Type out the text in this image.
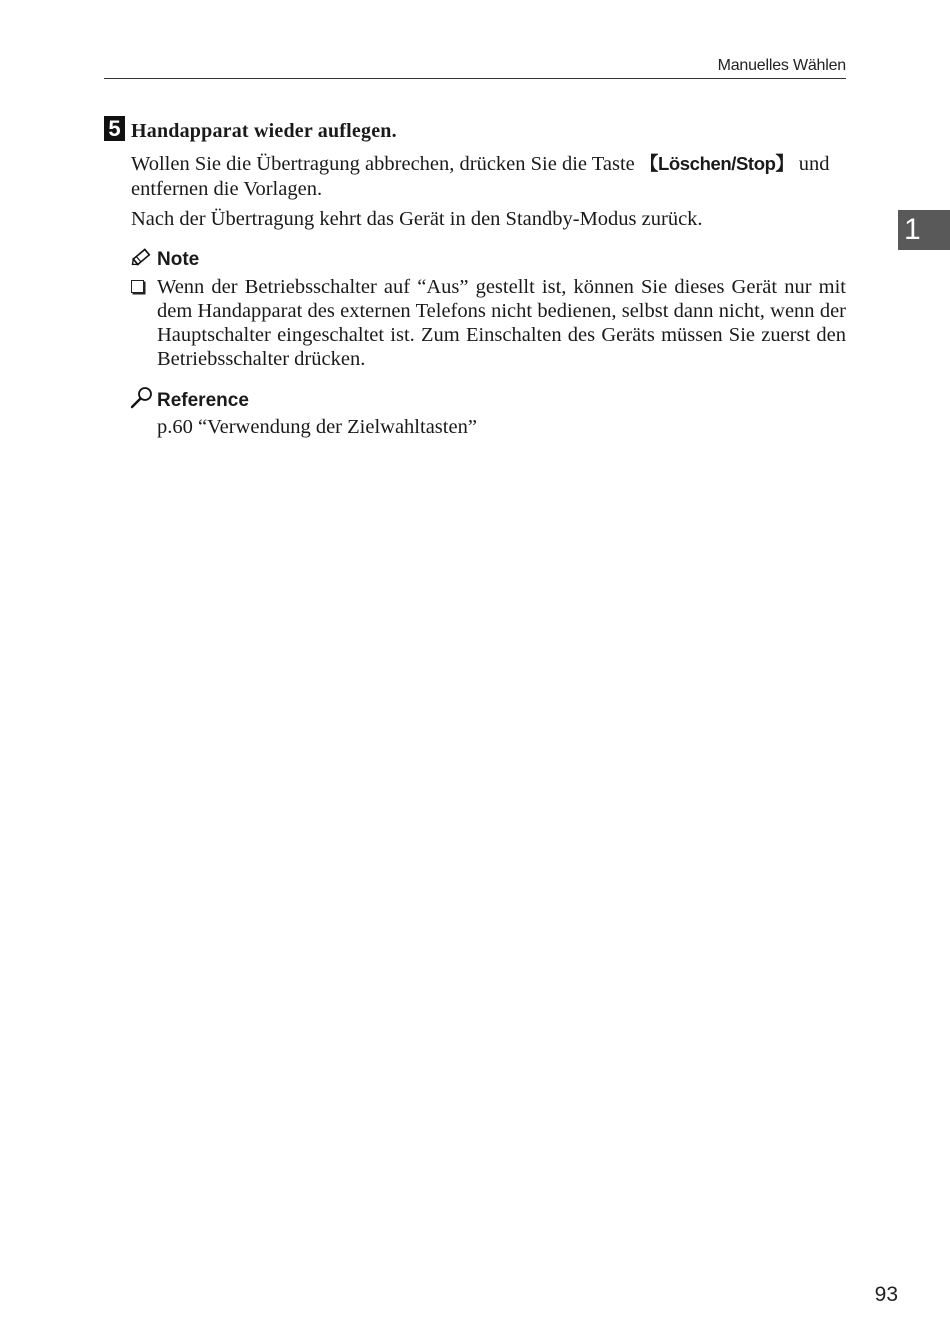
Manuelles Wählen
1
5 Handapparat wieder auflegen.
Wollen Sie die Übertragung abbrechen, drücken Sie die Taste 【Löschen/Stop】 und entfernen die Vorlagen.
Nach der Übertragung kehrt das Gerät in den Standby-Modus zurück.
Note
Wenn der Betriebsschalter auf “Aus” gestellt ist, können Sie dieses Gerät nur mit dem Handapparat des externen Telefons nicht bedienen, selbst dann nicht, wenn der Hauptschalter eingeschaltet ist. Zum Einschalten des Geräts müssen Sie zuerst den Betriebsschalter drücken.
Reference
p.60 “Verwendung der Zielwahltasten”
93
